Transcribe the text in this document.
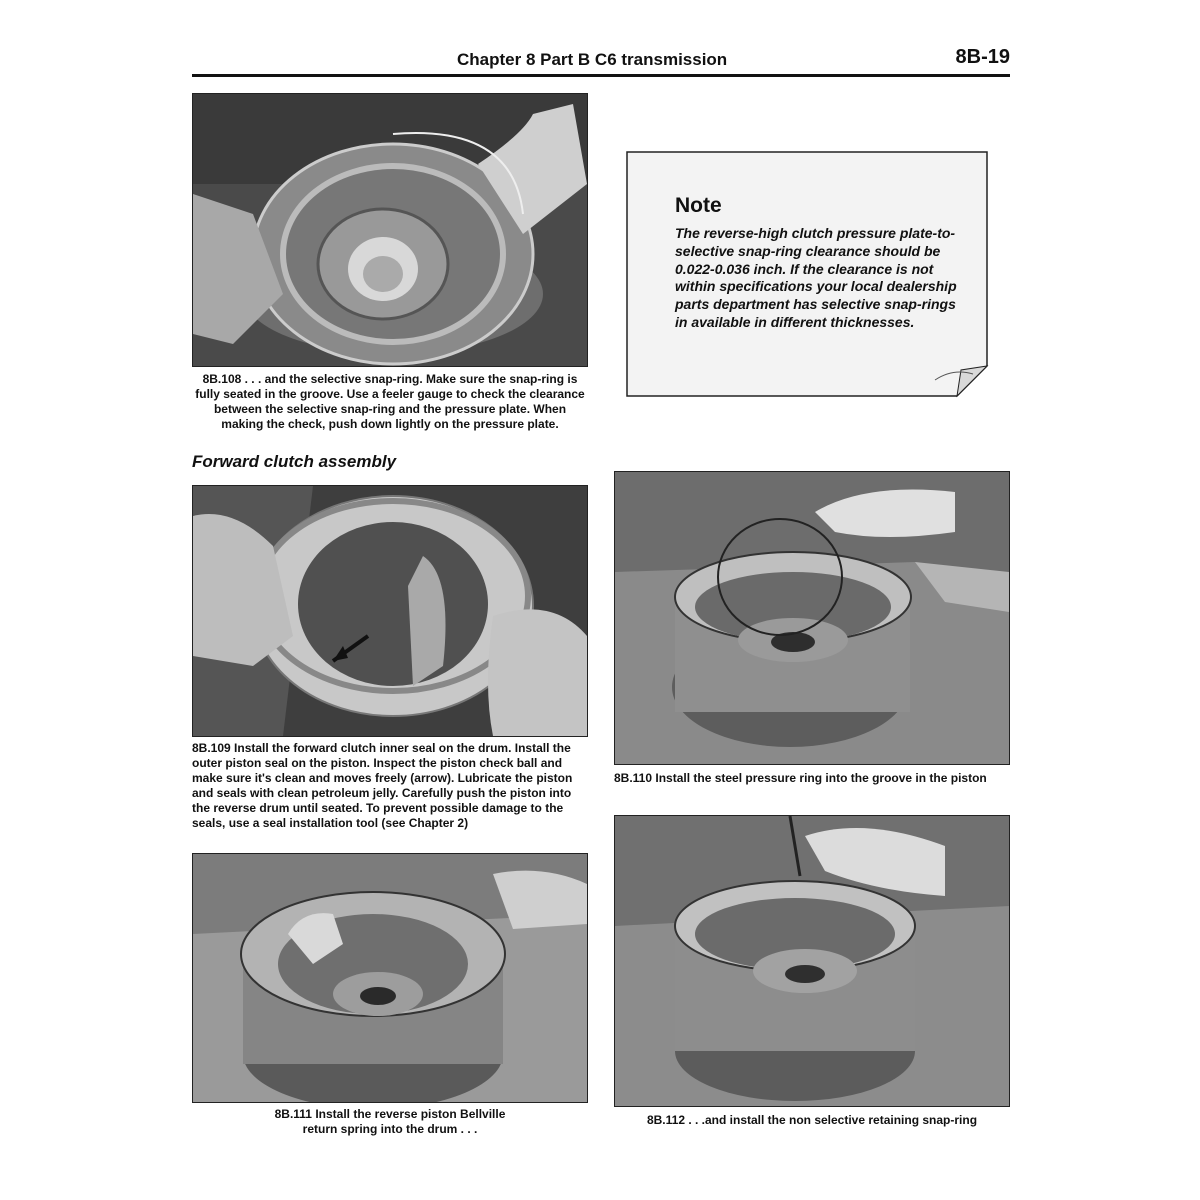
Chapter 8 Part B C6 transmission	8B-19
8B.108 . . . and the selective snap-ring. Make sure the snap-ring is fully seated in the groove. Use a feeler gauge to check the clearance between the selective snap-ring and the pressure plate. When making the check, push down lightly on the pressure plate.
Note
The reverse-high clutch pressure plate-to-selective snap-ring clearance should be 0.022-0.036 inch. If the clearance is not within specifications your local dealership parts department has selective snap-rings in available in different thicknesses.
Forward clutch assembly
8B.109 Install the forward clutch inner seal on the drum. Install the outer piston seal on the piston. Inspect the piston check ball and make sure it's clean and moves freely (arrow). Lubricate the piston and seals with clean petroleum jelly. Carefully push the piston into the reverse drum until seated. To prevent possible damage to the seals, use a seal installation tool (see Chapter 2)
8B.110 Install the steel pressure ring into the groove in the piston
8B.111 Install the reverse piston Bellville return spring into the drum . . .
8B.112 . . .and install the non selective retaining snap-ring
